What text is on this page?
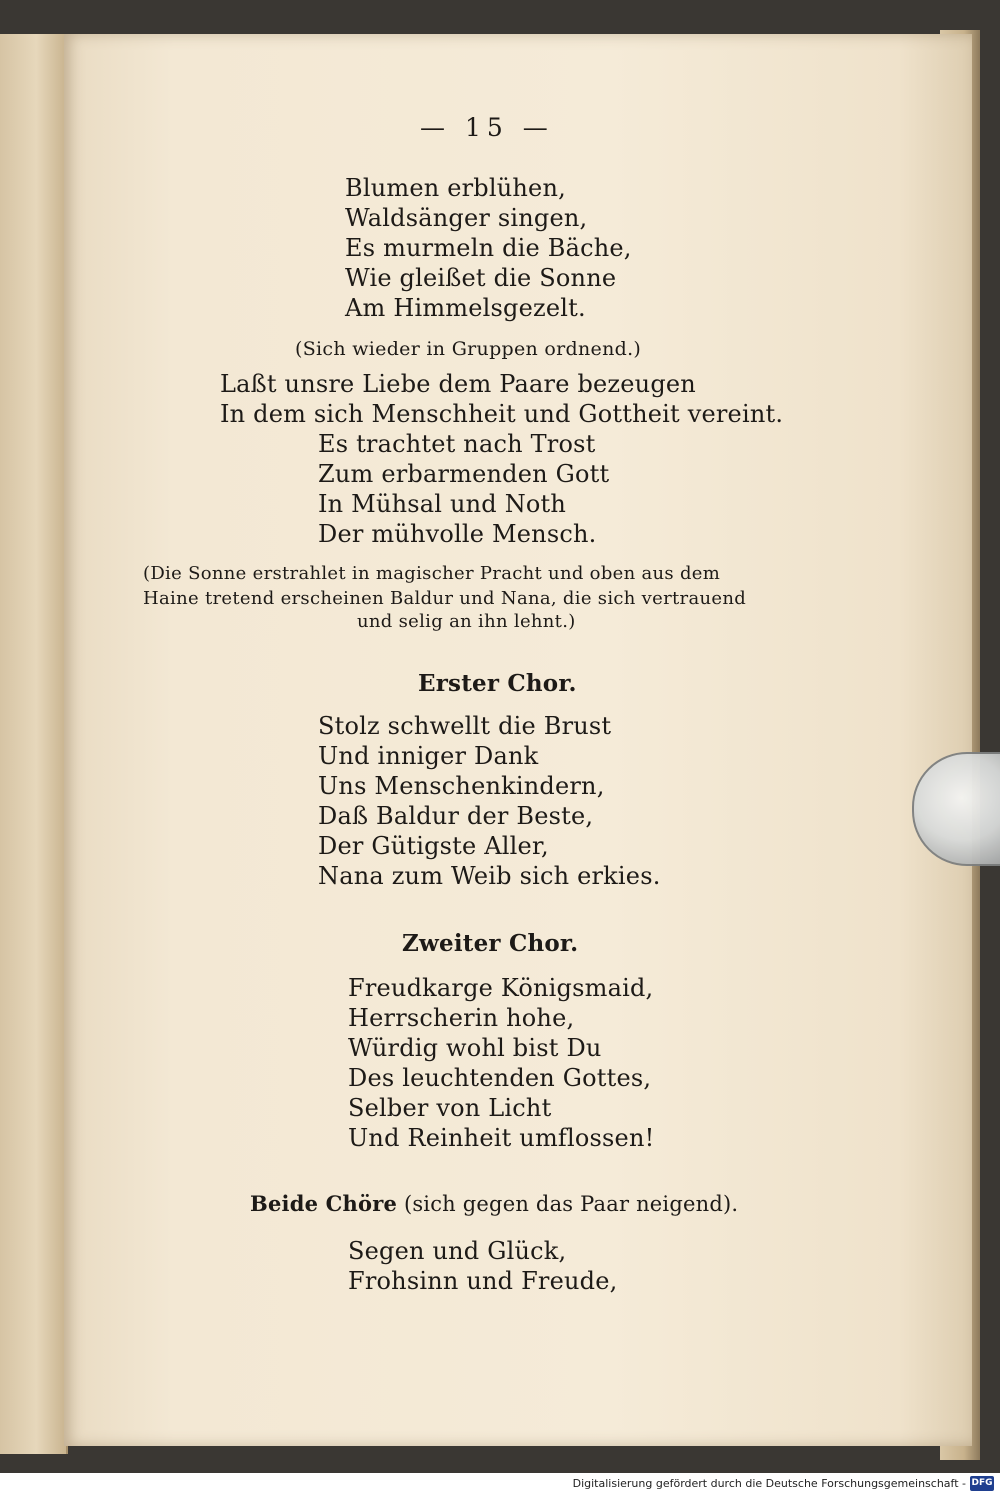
— 15 —

Blumen erblühen,

Waldsänger singen,

Es murmeln die Bäche,

Wie gleißet die Sonne

Am Himmelsgezelt.

(Sich wieder in Gruppen ordnend.)

Laßt unsre Liebe dem Paare bezeugen

In dem sich Menschheit und Gottheit vereint.

Es trachtet nach Trost

Zum erbarmenden Gott

In Mühsal und Noth

Der mühvolle Mensch.

(Die Sonne erstrahlet in magischer Pracht und oben aus dem

Haine tretend erscheinen Baldur und Nana, die sich vertrauend

und selig an ihn lehnt.)

Erster Chor.

Stolz schwellt die Brust

Und inniger Dank

Uns Menschenkindern,

Daß Baldur der Beste,

Der Gütigste Aller,

Nana zum Weib sich erkies.

Zweiter Chor.

Freudkarge Königsmaid,

Herrscherin hohe,

Würdig wohl bist Du

Des leuchtenden Gottes,

Selber von Licht

Und Reinheit umflossen!

Beide Chöre (sich gegen das Paar neigend).

Segen und Glück,

Frohsinn und Freude,

Digitalisierung gefördert durch die Deutsche Forschungsgemeinschaft - DFG
